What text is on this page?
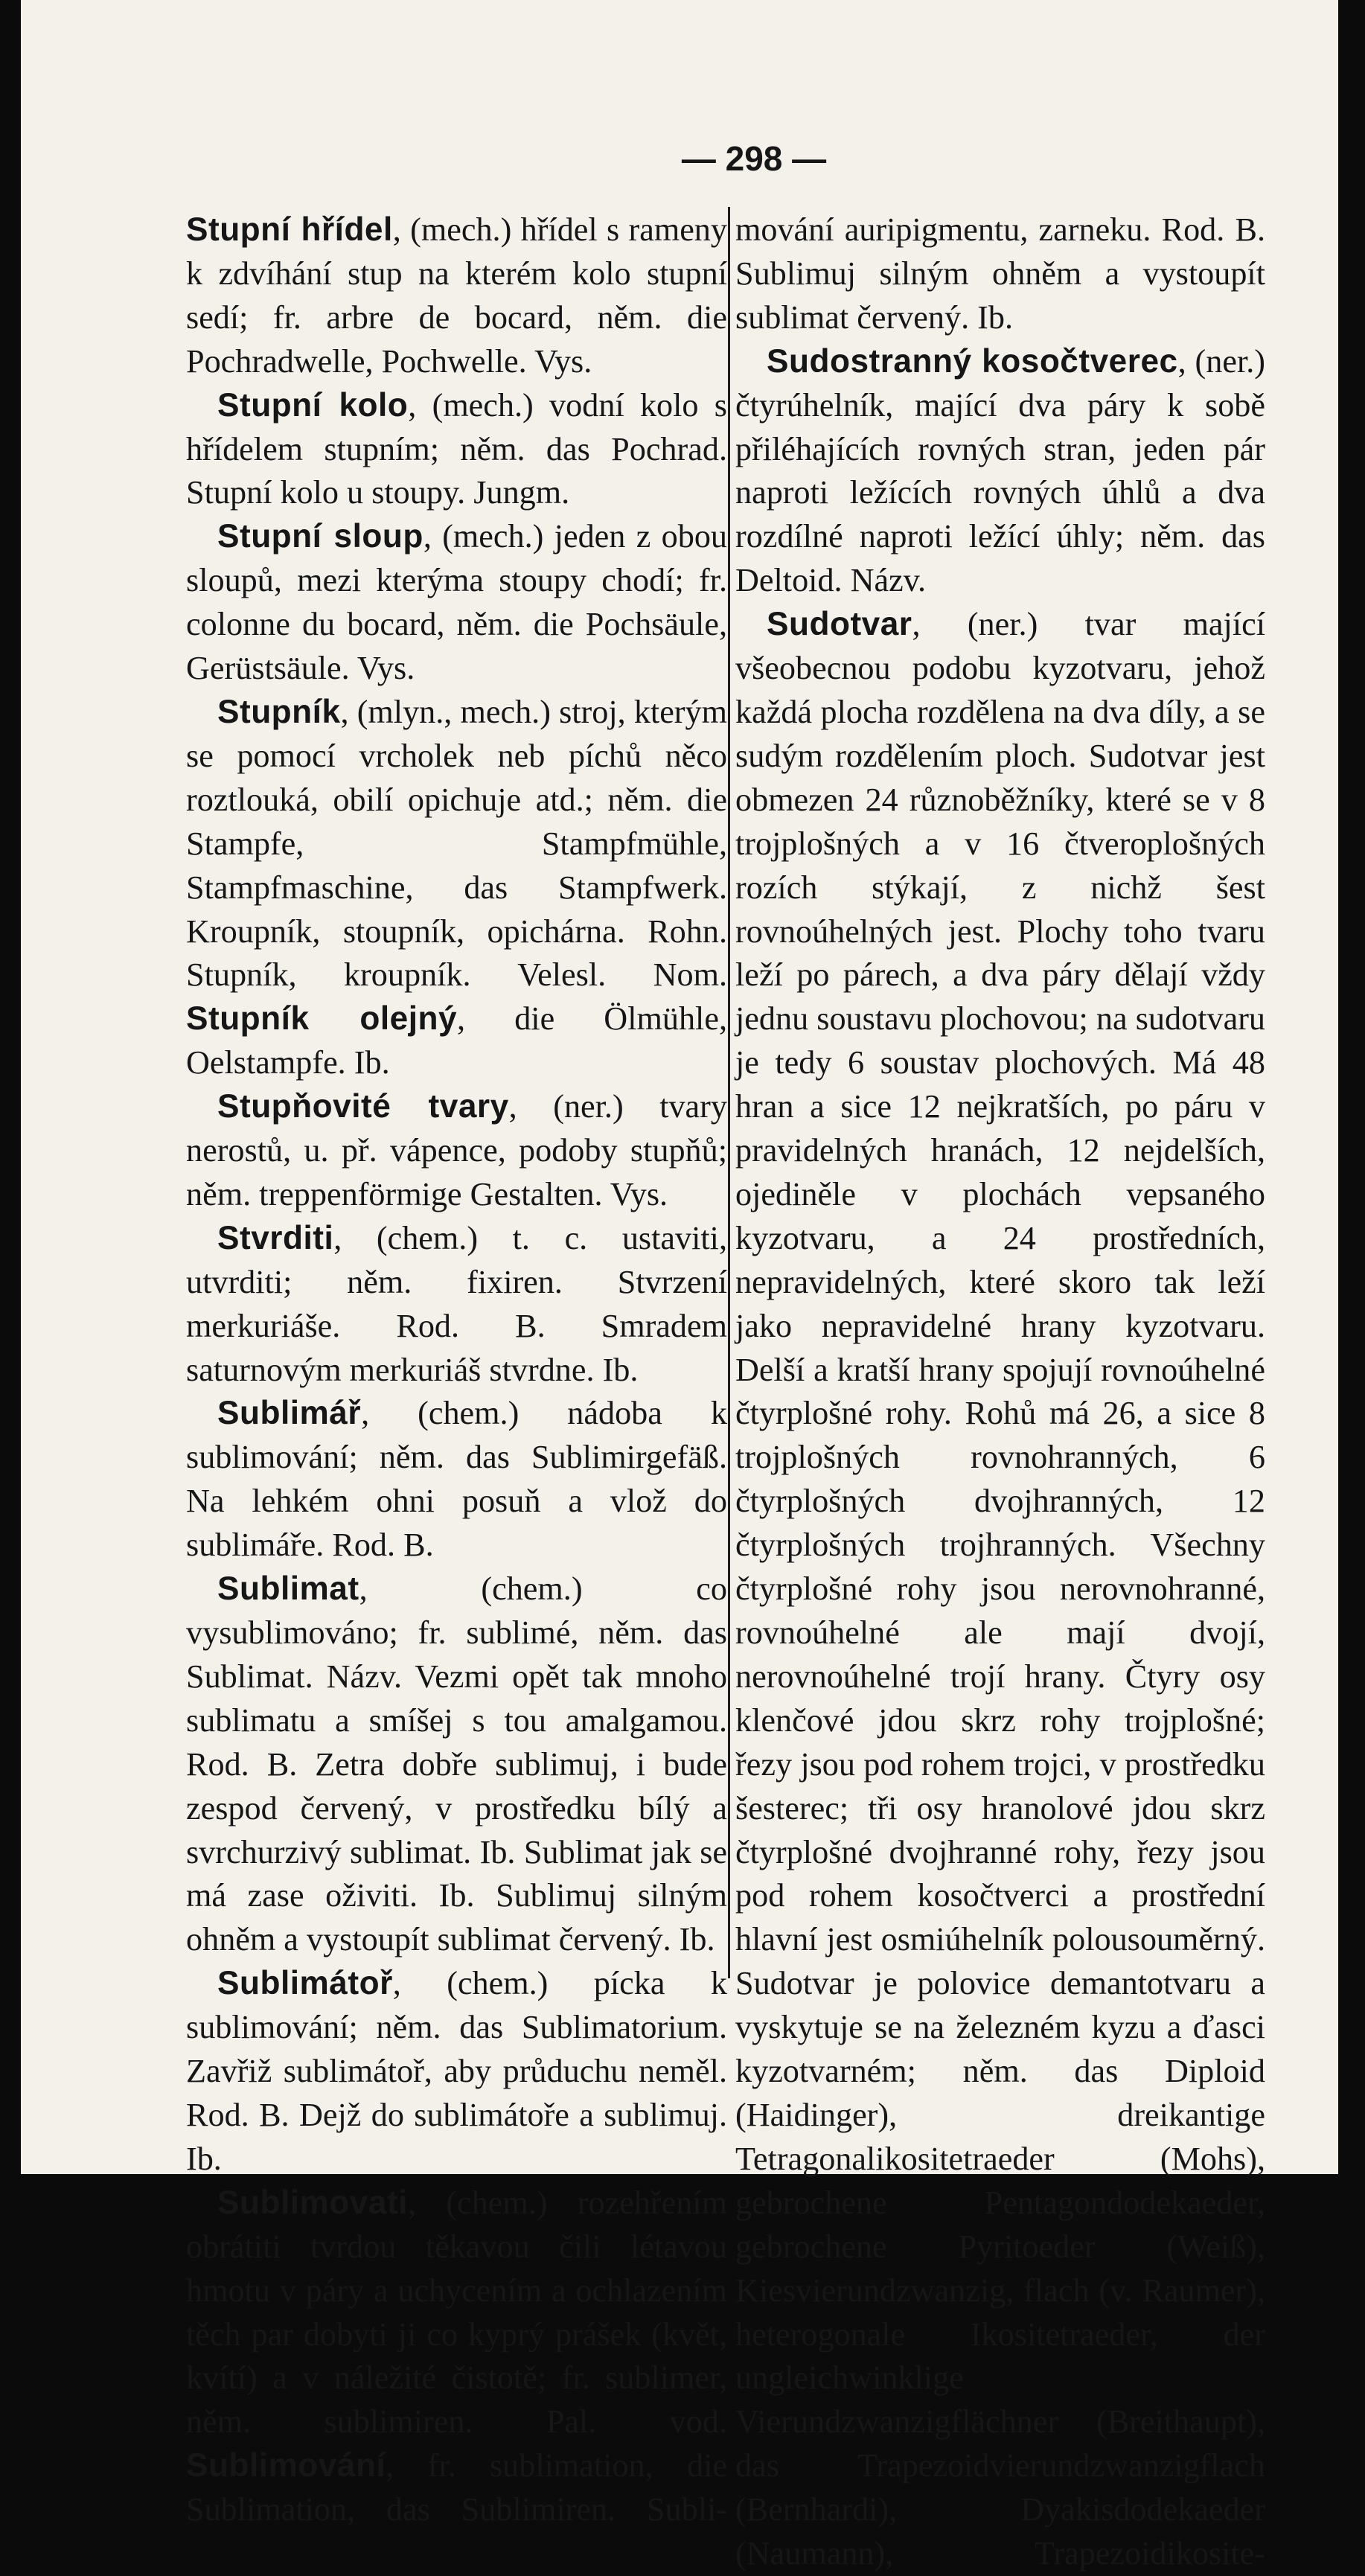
— 298 —

Stupní hřídel, (mech.) hřídel s rameny k zdvíhání stup na kterém kolo stupní sedí; fr. arbre de bocard, něm. die Pochradwelle, Pochwelle. Vys.

Stupní kolo, (mech.) vodní kolo s hřídelem stupním; něm. das Pochrad. Stupní kolo u stoupy. Jungm.

Stupní sloup, (mech.) jeden z obou sloupů, mezi kterýma stoupy chodí; fr. colonne du bocard, něm. die Pochsäule, Gerüstsäule. Vys.

Stupník, (mlyn., mech.) stroj, kterým se pomocí vrcholek neb píchů něco roztlouká, obilí opichuje atd.; něm. die Stampfe, Stampfmühle, Stampfmaschine, das Stampfwerk. Kroupník, stoupník, opichárna. Rohn. Stupník, kroupník. Velesl. Nom. Stupník olejný, die Ölmühle, Oelstampfe. Ib.

Stupňovité tvary, (ner.) tvary nerostů, u. př. vápence, podoby stupňů; něm. treppenförmige Gestalten. Vys.

Stvrditi, (chem.) t. c. ustaviti, utvrditi; něm. fixiren. Stvrzení merkuriáše. Rod. B. Smradem saturnovým merkuriáš stvrdne. Ib.

Sublimář, (chem.) nádoba k sublimování; něm. das Sublimirgefäß. Na lehkém ohni posuň a vlož do sublimáře. Rod. B.

Sublimat, (chem.) co vysublimováno; fr. sublimé, něm. das Sublimat. Názv. Vezmi opět tak mnoho sublimatu a smíšej s tou amalgamou. Rod. B. Zetra dobře sublimuj, i bude zespod červený, v prostředku bílý a svrchurzivý sublimat. Ib. Sublimat jak se má zase oživiti. Ib. Sublimuj silným ohněm a vystoupít sublimat červený. Ib.

Sublimátoř, (chem.) pícka k sublimování; něm. das Sublimatorium. Zavřiž sublimátoř, aby průduchu neměl. Rod. B. Dejž do sublimátoře a sublimuj. Ib.

Sublimovati, (chem.) rozehřením obrátiti tvrdou těkavou čili létavou hmotu v páry a uchycením a ochlazením těch par dobyti ji co kyprý prášek (květ, kvítí) a v náležité čistotě; fr. sublimer, něm. sublimiren. Pal. vod. Sublimování, fr. sublimation, die Sublimation, das Sublimiren. Subli-

mování auripigmentu, zarneku. Rod. B. Sublimuj silným ohněm a vystoupít sublimat červený. Ib.

Sudostranný kosočtverec, (ner.) čtyrúhelník, mající dva páry k sobě přiléhajících rovných stran, jeden pár naproti ležících rovných úhlů a dva rozdílné naproti ležící úhly; něm. das Deltoid. Názv.

Sudotvar, (ner.) tvar mající všeobecnou podobu kyzotvaru, jehož každá plocha rozdělena na dva díly, a se sudým rozdělením ploch. Sudotvar jest obmezen 24 různoběžníky, které se v 8 trojplošných a v 16 čtveroplošných rozích stýkají, z nichž šest rovnoúhelných jest. Plochy toho tvaru leží po párech, a dva páry dělají vždy jednu soustavu plochovou; na sudotvaru je tedy 6 soustav plochových. Má 48 hran a sice 12 nejkratších, po páru v pravidelných hranách, 12 nejdelších, ojediněle v plochách vepsaného kyzotvaru, a 24 prostředních, nepravidelných, které skoro tak leží jako nepravidelné hrany kyzotvaru. Delší a kratší hrany spojují rovnoúhelné čtyrplošné rohy. Rohů má 26, a sice 8 trojplošných rovnohranných, 6 čtyrplošných dvojhranných, 12 čtyrplošných trojhranných. Všechny čtyrplošné rohy jsou nerovnohranné, rovnoúhelné ale mají dvojí, nerovnoúhelné trojí hrany. Čtyry osy klenčové jdou skrz rohy trojplošné; řezy jsou pod rohem trojci, v prostředku šesterec; tři osy hranolové jdou skrz čtyrplošné dvojhranné rohy, řezy jsou pod rohem kosočtverci a prostřední hlavní jest osmiúhelník polousouměrný. Sudotvar je polovice demantotvaru a vyskytuje se na železném kyzu a ďasci kyzotvarném; něm. das Diploid (Haidinger), dreikantige Tetragonalikositetraeder (Mohs), gebrochene Pentagondodekaeder, gebrochene Pyritoeder (Weiß), Kiesvierundzwanzig, flach (v. Raumer), heterogonale Ikositetraeder, der ungleichwinklige Vierundzwanzigflächner (Breithaupt), das Trapezoidvierundzwanzigflach (Bernhardi), Dyakisdodekaeder (Naumann), Trapezoidikosite-
